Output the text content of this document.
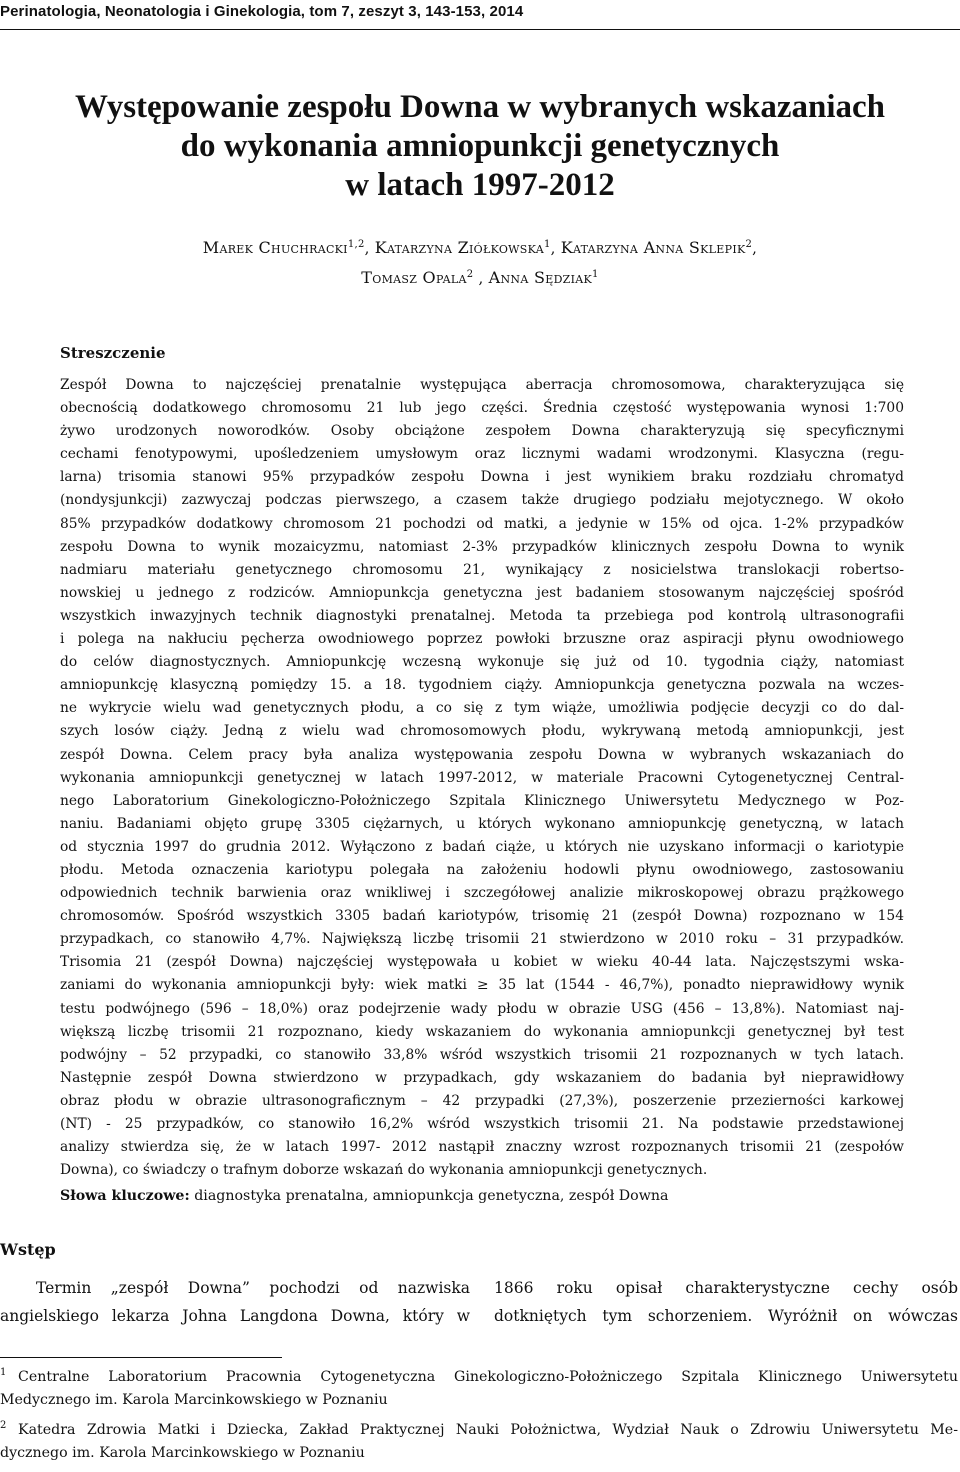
Perinatologia, Neonatologia i Ginekologia, tom 7, zeszyt 3, 143-153, 2014
Występowanie zespołu Downa w wybranych wskazaniach
do wykonania amniopunkcji genetycznych
w latach 1997-2012
Marek Chuchracki$^{1,2}$, Katarzyna Ziółkowska$^1$, Katarzyna Anna Sklepik$^2$,
Tomasz Opala$^2$ , Anna Sędziak$^1$
Streszczenie
Zespół Downa to najczęściej prenatalnie występująca aberracja chromosomowa, charakteryzująca się
obecnością dodatkowego chromosomu 21 lub jego części. Średnia częstość występowania wynosi 1:700
żywo urodzonych noworodków. Osoby obciążone zespołem Downa charakteryzują się specyficznymi
cechami fenotypowymi, upośledzeniem umysłowym oraz licznymi wadami wrodzonymi. Klasyczna (regu-
larna) trisomia stanowi 95% przypadków zespołu Downa i jest wynikiem braku rozdziału chromatyd
(nondysjunkcji) zazwyczaj podczas pierwszego, a czasem także drugiego podziału mejotycznego. W około
85% przypadków dodatkowy chromosom 21 pochodzi od matki, a jedynie w 15% od ojca. 1-2% przypadków
zespołu Downa to wynik mozaicyzmu, natomiast 2-3% przypadków klinicznych zespołu Downa to wynik
nadmiaru materiału genetycznego chromosomu 21, wynikający z nosicielstwa translokacji robertso-
nowskiej u jednego z rodziców. Amniopunkcja genetyczna jest badaniem stosowanym najczęściej spośród
wszystkich inwazyjnych technik diagnostyki prenatalnej. Metoda ta przebiega pod kontrolą ultrasonografii
i polega na nakłuciu pęcherza owodniowego poprzez powłoki brzuszne oraz aspiracji płynu owodniowego
do celów diagnostycznych. Amniopunkcję wczesną wykonuje się już od 10. tygodnia ciąży, natomiast
amniopunkcję klasyczną pomiędzy 15. a 18. tygodniem ciąży. Amniopunkcja genetyczna pozwala na wczes-
ne wykrycie wielu wad genetycznych płodu, a co się z tym wiąże, umożliwia podjęcie decyzji co do dal-
szych losów ciąży. Jedną z wielu wad chromosomowych płodu, wykrywaną metodą amniopunkcji, jest
zespół Downa. Celem pracy była analiza występowania zespołu Downa w wybranych wskazaniach do
wykonania amniopunkcji genetycznej w latach 1997-2012, w materiale Pracowni Cytogenetycznej Central-
nego Laboratorium Ginekologiczno-Położniczego Szpitala Klinicznego Uniwersytetu Medycznego w Poz-
naniu. Badaniami objęto grupę 3305 ciężarnych, u których wykonano amniopunkcję genetyczną, w latach
od stycznia 1997 do grudnia 2012. Wyłączono z badań ciąże, u których nie uzyskano informacji o kariotypie
płodu. Metoda oznaczenia kariotypu polegała na założeniu hodowli płynu owodniowego, zastosowaniu
odpowiednich technik barwienia oraz wnikliwej i szczegółowej analizie mikroskopowej obrazu prążkowego
chromosomów. Spośród wszystkich 3305 badań kariotypów, trisomię 21 (zespół Downa) rozpoznano w 154
przypadkach, co stanowiło 4,7%. Największą liczbę trisomii 21 stwierdzono w 2010 roku – 31 przypadków.
Trisomia 21 (zespół Downa) najczęściej występowała u kobiet w wieku 40-44 lata. Najczęstszymi wska-
zaniami do wykonania amniopunkcji były: wiek matki ≥ 35 lat (1544 - 46,7%), ponadto nieprawidłowy wynik
testu podwójnego (596 – 18,0%) oraz podejrzenie wady płodu w obrazie USG (456 – 13,8%). Natomiast naj-
większą liczbę trisomii 21 rozpoznano, kiedy wskazaniem do wykonania amniopunkcji genetycznej był test
podwójny – 52 przypadki, co stanowiło 33,8% wśród wszystkich trisomii 21 rozpoznanych w tych latach.
Następnie zespół Downa stwierdzono w przypadkach, gdy wskazaniem do badania był nieprawidłowy
obraz płodu w obrazie ultrasonograficznym – 42 przypadki (27,3%), poszerzenie przezierności karkowej
(NT) - 25 przypadków, co stanowiło 16,2% wśród wszystkich trisomii 21. Na podstawie przedstawionej
analizy stwierdza się, że w latach 1997- 2012 nastąpił znaczny wzrost rozpoznanych trisomii 21 (zespołów
Downa), co świadczy o trafnym doborze wskazań do wykonania amniopunkcji genetycznych.
Słowa kluczowe: diagnostyka prenatalna, amniopunkcja genetyczna, zespół Downa
Wstęp
Termin „zespół Downa” pochodzi od nazwiska
angielskiego lekarza Johna Langdona Downa, który w
1866 roku opisał charakterystyczne cechy osób
dotkniętych tym schorzeniem. Wyróżnił on wówczas
1 Centralne Laboratorium Pracownia Cytogenetyczna Ginekologiczno-Położniczego Szpitala Klinicznego Uniwersytetu
Medycznego im. Karola Marcinkowskiego w Poznaniu
2 Katedra Zdrowia Matki i Dziecka, Zakład Praktycznej Nauki Położnictwa, Wydział Nauk o Zdrowiu Uniwersytetu Me-
dycznego im. Karola Marcinkowskiego w Poznaniu
